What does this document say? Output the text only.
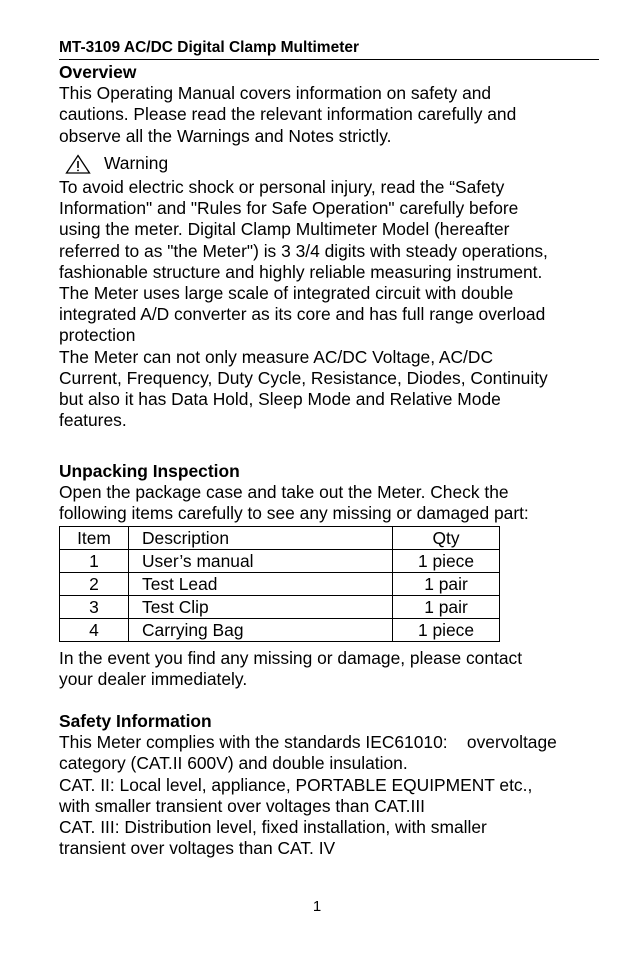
MT-3109 AC/DC Digital Clamp Multimeter
Overview
This Operating Manual covers information on safety and
cautions. Please read the relevant information carefully and
observe all the Warnings and Notes strictly.
Warning
To avoid electric shock or personal injury, read the “Safety
Information" and "Rules for Safe Operation" carefully before
using the meter. Digital Clamp Multimeter Model (hereafter
referred to as "the Meter") is 3 3/4 digits with steady operations,
fashionable structure and highly reliable measuring instrument.
The Meter uses large scale of integrated circuit with double
integrated A/D converter as its core and has full range overload
protection
The Meter can not only measure AC/DC Voltage, AC/DC
Current, Frequency, Duty Cycle, Resistance, Diodes, Continuity
but also it has Data Hold, Sleep Mode and Relative Mode
features.
Unpacking Inspection
Open the package case and take out the Meter. Check the
following items carefully to see any missing or damaged part:
Item	Description	Qty
1	User’s manual	1 piece
2	Test Lead	1 pair
3	Test Clip	1 pair
4	Carrying Bag	1 piece
In the event you find any missing or damage, please contact
your dealer immediately.
Safety Information
This Meter complies with the standards IEC61010:    overvoltage
category (CAT.II 600V) and double insulation.
CAT. II: Local level, appliance, PORTABLE EQUIPMENT etc.,
with smaller transient over voltages than CAT.III
CAT. III: Distribution level, fixed installation, with smaller
transient over voltages than CAT. IV
1
